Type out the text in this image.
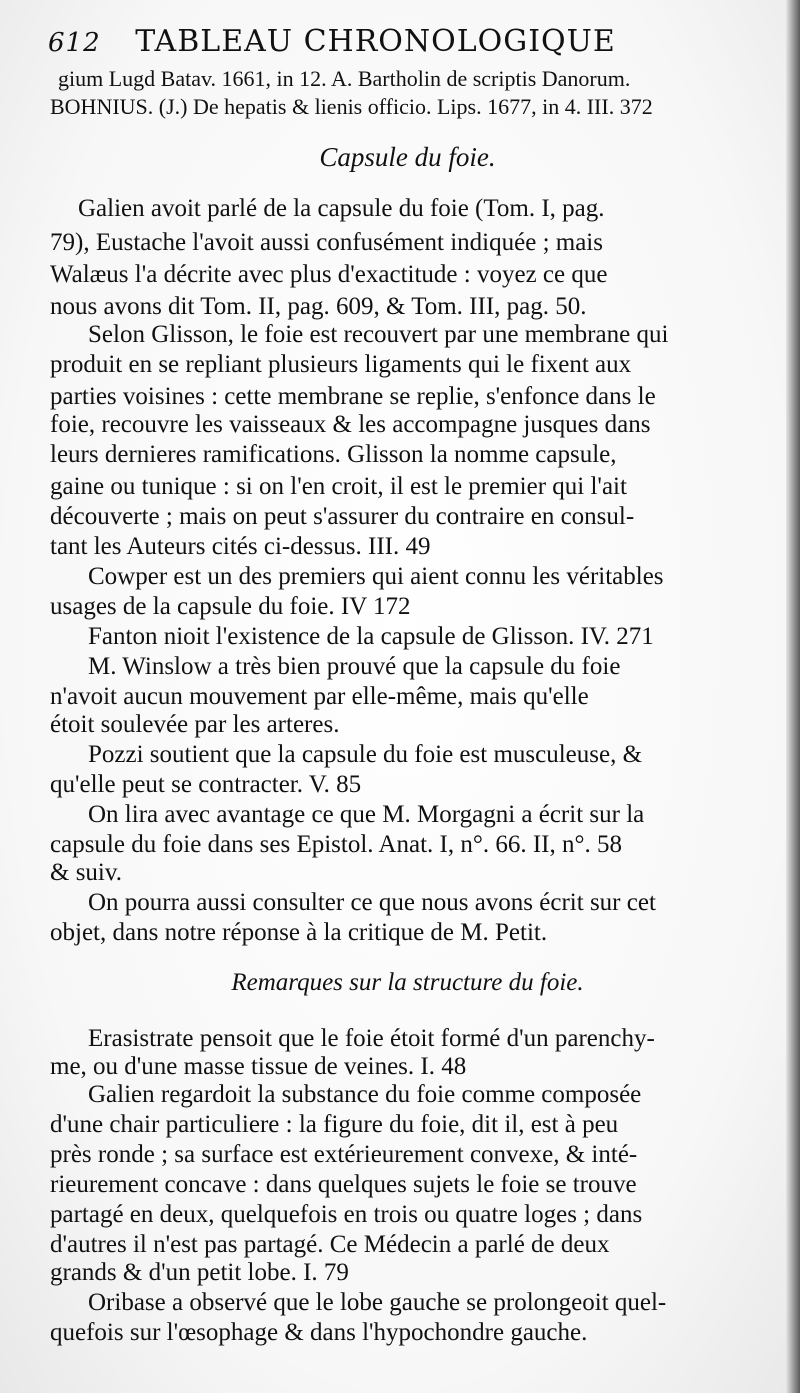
612 TABLEAU CHRONOLOGIQUE
gium Lugd Batav. 1661, in 12. A. Bartholin de scriptis Danorum.
BOHNIUS. (J.) De hepatis & lienis officio. Lips. 1677, in 4. III. 372
Capsule du foie.
Galien avoit parlé de la capsule du foie (Tom. I, pag.
79), Eustache l'avoit aussi confusément indiquée ; mais
Walæus l'a décrite avec plus d'exactitude : voyez ce que
nous avons dit Tom. II, pag. 609, & Tom. III, pag. 50.
Selon Glisson, le foie est recouvert par une membrane qui
produit en se repliant plusieurs ligaments qui le fixent aux
parties voisines : cette membrane se replie, s'enfonce dans le
foie, recouvre les vaisseaux & les accompagne jusques dans
leurs dernieres ramifications. Glisson la nomme capsule,
gaine ou tunique : si on l'en croit, il est le premier qui l'ait
découverte ; mais on peut s'assurer du contraire en consul-
tant les Auteurs cités ci-dessus. III. 49
Cowper est un des premiers qui aient connu les véritables
usages de la capsule du foie. IV 172
Fanton nioit l'existence de la capsule de Glisson. IV. 271
M. Winslow a très bien prouvé que la capsule du foie
n'avoit aucun mouvement par elle-même, mais qu'elle
étoit soulevée par les arteres.
Pozzi soutient que la capsule du foie est musculeuse, &
qu'elle peut se contracter. V. 85
On lira avec avantage ce que M. Morgagni a écrit sur la
capsule du foie dans ses Epistol. Anat. I, n°. 66. II, n°. 58
& suiv.
On pourra aussi consulter ce que nous avons écrit sur cet
objet, dans notre réponse à la critique de M. Petit.
Remarques sur la structure du foie.
Erasistrate pensoit que le foie étoit formé d'un parenchy-
me, ou d'une masse tissue de veines. I. 48
Galien regardoit la substance du foie comme composée
d'une chair particuliere : la figure du foie, dit il, est à peu
près ronde ; sa surface est extérieurement convexe, & inté-
rieurement concave : dans quelques sujets le foie se trouve
partagé en deux, quelquefois en trois ou quatre loges ; dans
d'autres il n'est pas partagé. Ce Médecin a parlé de deux
grands & d'un petit lobe. I. 79
Oribase a observé que le lobe gauche se prolongeoit quel-
quefois sur l'œsophage & dans l'hypochondre gauche.
